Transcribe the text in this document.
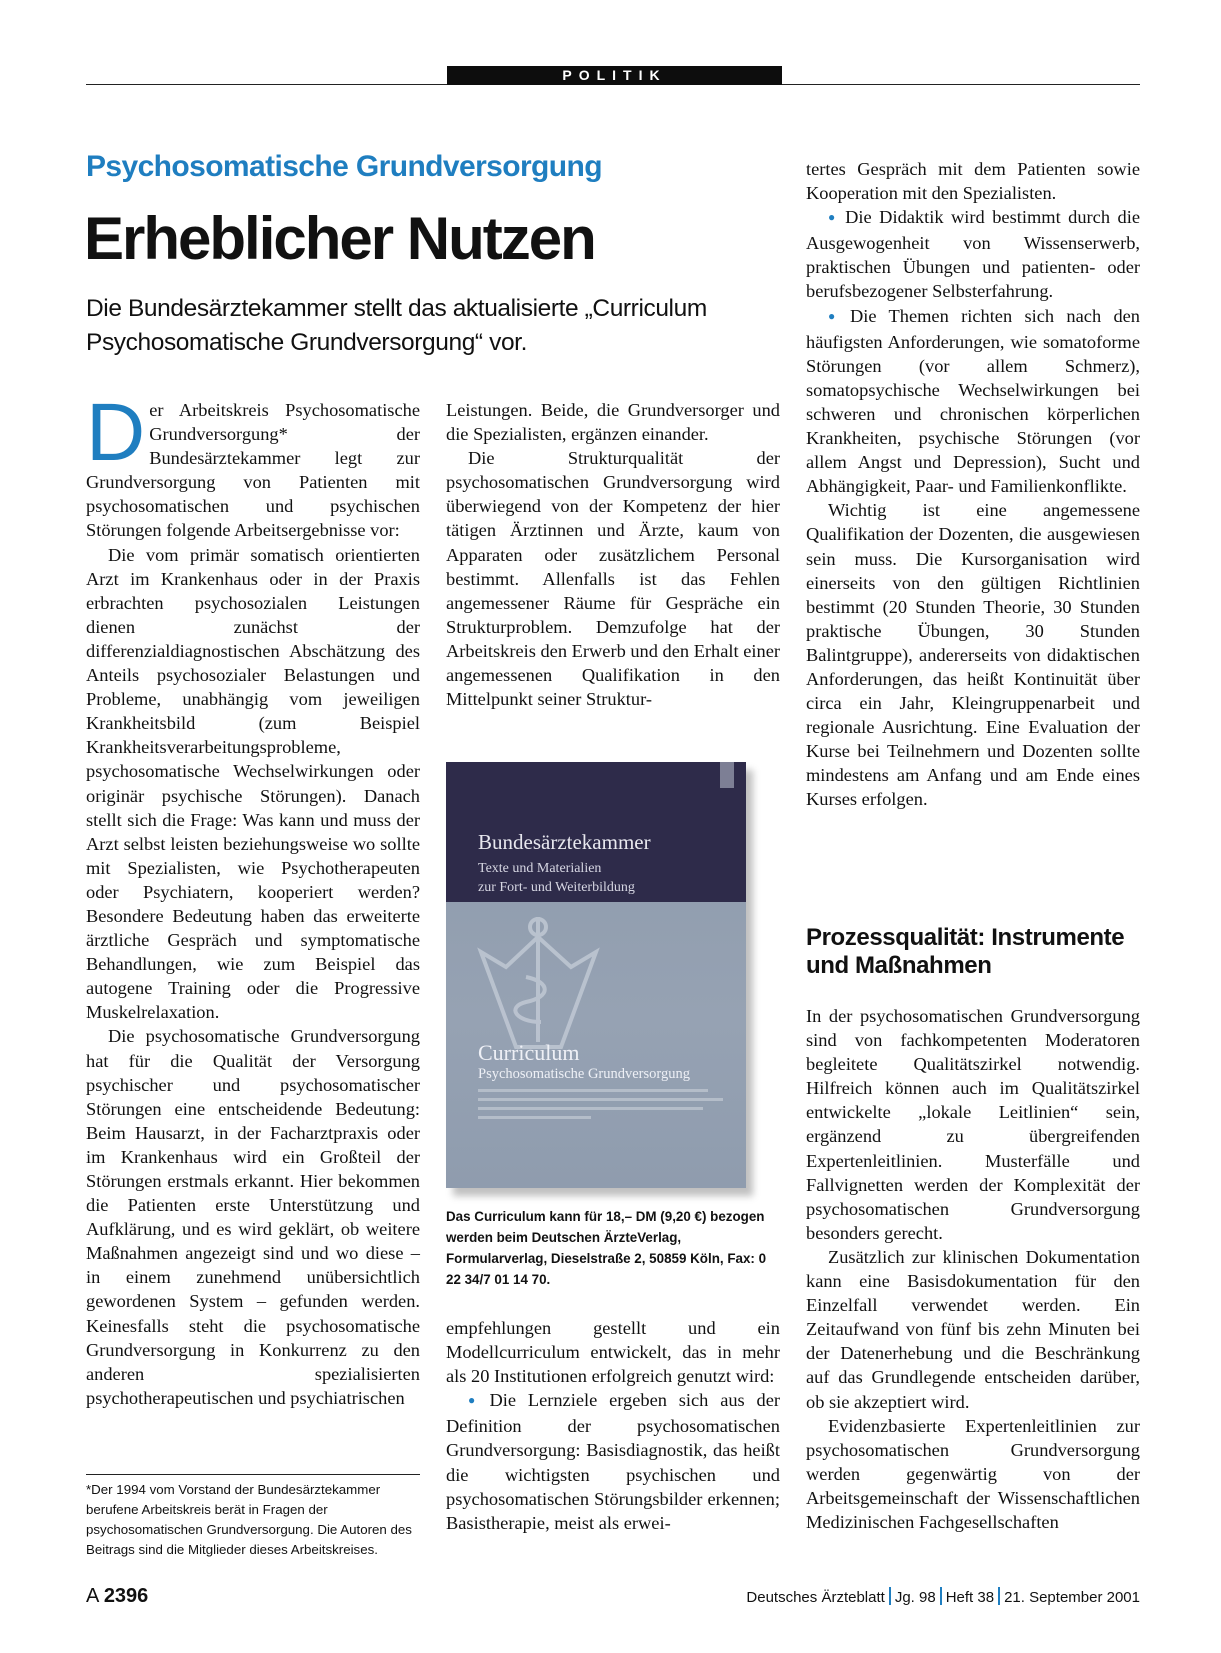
POLITIK
Psychosomatische Grundversorgung
Erheblicher Nutzen
Die Bundesärztekammer stellt das aktualisierte „Curriculum Psychosomatische Grundversorgung“ vor.

Der Arbeitskreis Psychosomatische Grundversorgung* der Bundesärztekammer legt zur Grundversorgung von Patienten mit psychosomatischen und psychischen Störungen folgende Arbeitsergebnisse vor:

Die vom primär somatisch orientierten Arzt im Krankenhaus oder in der Praxis erbrachten psychosozialen Leistungen dienen zunächst der differenzialdiagnostischen Abschätzung des Anteils psychosozialer Belastungen und Probleme, unabhängig vom jeweiligen Krankheitsbild (zum Beispiel Krankheitsverarbeitungsprobleme, psychosomatische Wechselwirkungen oder originär psychische Störungen). Danach stellt sich die Frage: Was kann und muss der Arzt selbst leisten beziehungsweise wo sollte mit Spezialisten, wie Psychotherapeuten oder Psychiatern, kooperiert werden? Besondere Bedeutung haben das erweiterte ärztliche Gespräch und symptomatische Behandlungen, wie zum Beispiel das autogene Training oder die Progressive Muskelrelaxation.

Die psychosomatische Grundversorgung hat für die Qualität der Versorgung psychischer und psychosomatischer Störungen eine entscheidende Bedeutung: Beim Hausarzt, in der Facharztpraxis oder im Krankenhaus wird ein Großteil der Störungen erstmals erkannt. Hier bekommen die Patienten erste Unterstützung und Aufklärung, und es wird geklärt, ob weitere Maßnahmen angezeigt sind und wo diese – in einem zunehmend unübersichtlich gewordenen System – gefunden werden. Keinesfalls steht die psychosomatische Grundversorgung in Konkurrenz zu den anderen spezialisierten psychotherapeutischen und psychiatrischen

*Der 1994 vom Vorstand der Bundesärztekammer berufene Arbeitskreis berät in Fragen der psychosomatischen Grundversorgung. Die Autoren des Beitrags sind die Mitglieder dieses Arbeitskreises.

Leistungen. Beide, die Grundversorger und die Spezialisten, ergänzen einander.

Die Strukturqualität der psychosomatischen Grundversorgung wird überwiegend von der Kompetenz der hier tätigen Ärztinnen und Ärzte, kaum von Apparaten oder zusätzlichem Personal bestimmt. Allenfalls ist das Fehlen angemessener Räume für Gespräche ein Strukturproblem. Demzufolge hat der Arbeitskreis den Erwerb und den Erhalt einer angemessenen Qualifikation in den Mittelpunkt seiner Struktur-

Bundesärztekammer
Texte und Materialien
zur Fort- und Weiterbildung
Curriculum
Psychosomatische Grundversorgung
Das Curriculum kann für 18,– DM (9,20 €) bezogen werden beim Deutschen ÄrzteVerlag, Formularverlag, Dieselstraße 2, 50859 Köln, Fax: 0 22 34/7 01 14 70.

empfehlungen gestellt und ein Modellcurriculum entwickelt, das in mehr als 20 Institutionen erfolgreich genutzt wird:

● Die Lernziele ergeben sich aus der Definition der psychosomatischen Grundversorgung: Basisdiagnostik, das heißt die wichtigsten psychischen und psychosomatischen Störungsbilder erkennen; Basistherapie, meist als erwei-

tertes Gespräch mit dem Patienten sowie Kooperation mit den Spezialisten.

● Die Didaktik wird bestimmt durch die Ausgewogenheit von Wissenserwerb, praktischen Übungen und patienten- oder berufsbezogener Selbsterfahrung.

● Die Themen richten sich nach den häufigsten Anforderungen, wie somatoforme Störungen (vor allem Schmerz), somatopsychische Wechselwirkungen bei schweren und chronischen körperlichen Krankheiten, psychische Störungen (vor allem Angst und Depression), Sucht und Abhängigkeit, Paar- und Familienkonflikte.

Wichtig ist eine angemessene Qualifikation der Dozenten, die ausgewiesen sein muss. Die Kursorganisation wird einerseits von den gültigen Richtlinien bestimmt (20 Stunden Theorie, 30 Stunden praktische Übungen, 30 Stunden Balintgruppe), andererseits von didaktischen Anforderungen, das heißt Kontinuität über circa ein Jahr, Kleingruppenarbeit und regionale Ausrichtung. Eine Evaluation der Kurse bei Teilnehmern und Dozenten sollte mindestens am Anfang und am Ende eines Kurses erfolgen.

Prozessqualität: Instrumente und Maßnahmen

In der psychosomatischen Grundversorgung sind von fachkompetenten Moderatoren begleitete Qualitätszirkel notwendig. Hilfreich können auch im Qualitätszirkel entwickelte „lokale Leitlinien“ sein, ergänzend zu übergreifenden Expertenleitlinien. Musterfälle und Fallvignetten werden der Komplexität der psychosomatischen Grundversorgung besonders gerecht.

Zusätzlich zur klinischen Dokumentation kann eine Basisdokumentation für den Einzelfall verwendet werden. Ein Zeitaufwand von fünf bis zehn Minuten bei der Datenerhebung und die Beschränkung auf das Grundlegende entscheiden darüber, ob sie akzeptiert wird.

Evidenzbasierte Expertenleitlinien zur psychosomatischen Grundversorgung werden gegenwärtig von der Arbeitsgemeinschaft der Wissenschaftlichen Medizinischen Fachgesellschaften

A 2396	Deutsches Ärzteblatt Jg. 98 Heft 38 21. September 2001
